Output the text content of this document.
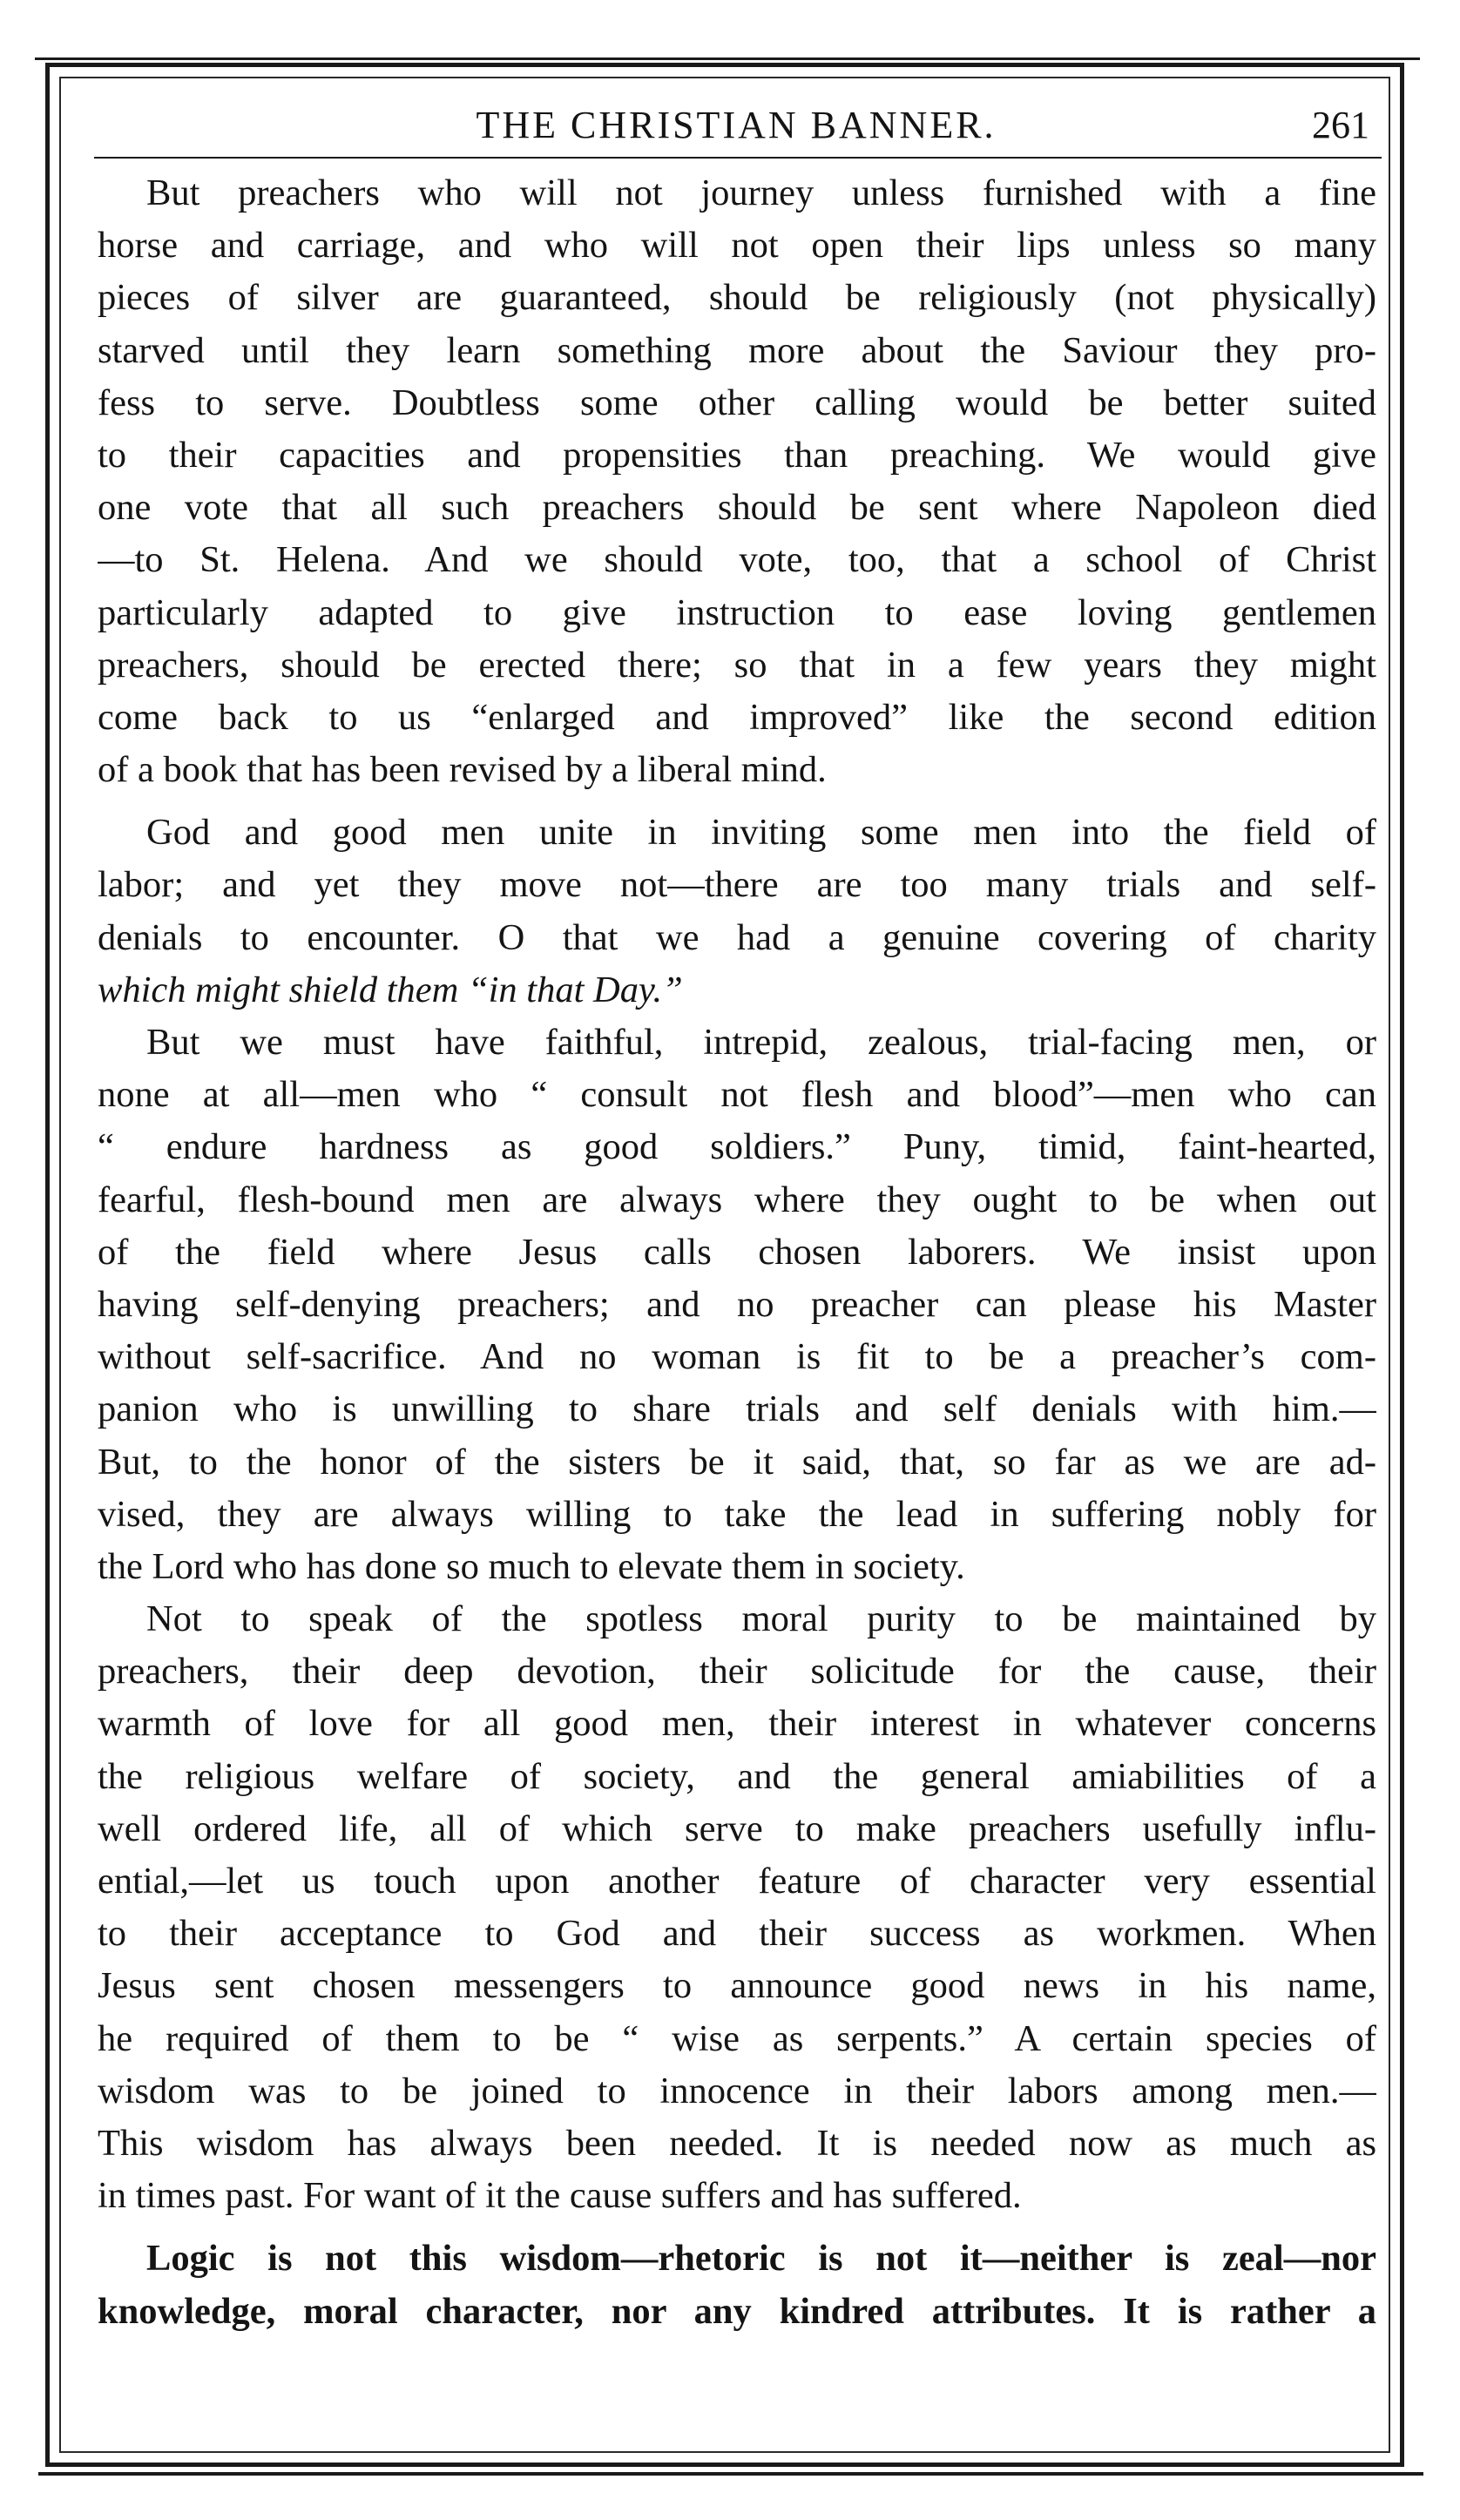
THE CHRISTIAN BANNER.	261
But preachers who will not journey unless furnished with a fine
horse and carriage, and who will not open their lips unless so many
pieces of silver are guaranteed, should be religiously (not physically)
starved until they learn something more about the Saviour they pro-
fess to serve. Doubtless some other calling would be better suited
to their capacities and propensities than preaching. We would give
one vote that all such preachers should be sent where Napoleon died
—to St. Helena. And we should vote, too, that a school of Christ
particularly adapted to give instruction to ease loving gentlemen
preachers, should be erected there; so that in a few years they might
come back to us “enlarged and improved” like the second edition
of a book that has been revised by a liberal mind.
God and good men unite in inviting some men into the field of
labor; and yet they move not—there are too many trials and self-
denials to encounter. O that we had a genuine covering of charity
which might shield them “in that Day.”
But we must have faithful, intrepid, zealous, trial-facing men, or
none at all—men who “ consult not flesh and blood”—men who can
“ endure hardness as good soldiers.” Puny, timid, faint-hearted,
fearful, flesh-bound men are always where they ought to be when out
of the field where Jesus calls chosen laborers. We insist upon
having self-denying preachers; and no preacher can please his Master
without self-sacrifice. And no woman is fit to be a preacher’s com-
panion who is unwilling to share trials and self denials with him.—
But, to the honor of the sisters be it said, that, so far as we are ad-
vised, they are always willing to take the lead in suffering nobly for
the Lord who has done so much to elevate them in society.
Not to speak of the spotless moral purity to be maintained by
preachers, their deep devotion, their solicitude for the cause, their
warmth of love for all good men, their interest in whatever concerns
the religious welfare of society, and the general amiabilities of a
well ordered life, all of which serve to make preachers usefully influ-
ential,—let us touch upon another feature of character very essential
to their acceptance to God and their success as workmen. When
Jesus sent chosen messengers to announce good news in his name,
he required of them to be “ wise as serpents.” A certain species of
wisdom was to be joined to innocence in their labors among men.—
This wisdom has always been needed. It is needed now as much as
in times past. For want of it the cause suffers and has suffered.
Logic is not this wisdom—rhetoric is not it—neither is zeal—nor
knowledge, moral character, nor any kindred attributes. It is rather a
